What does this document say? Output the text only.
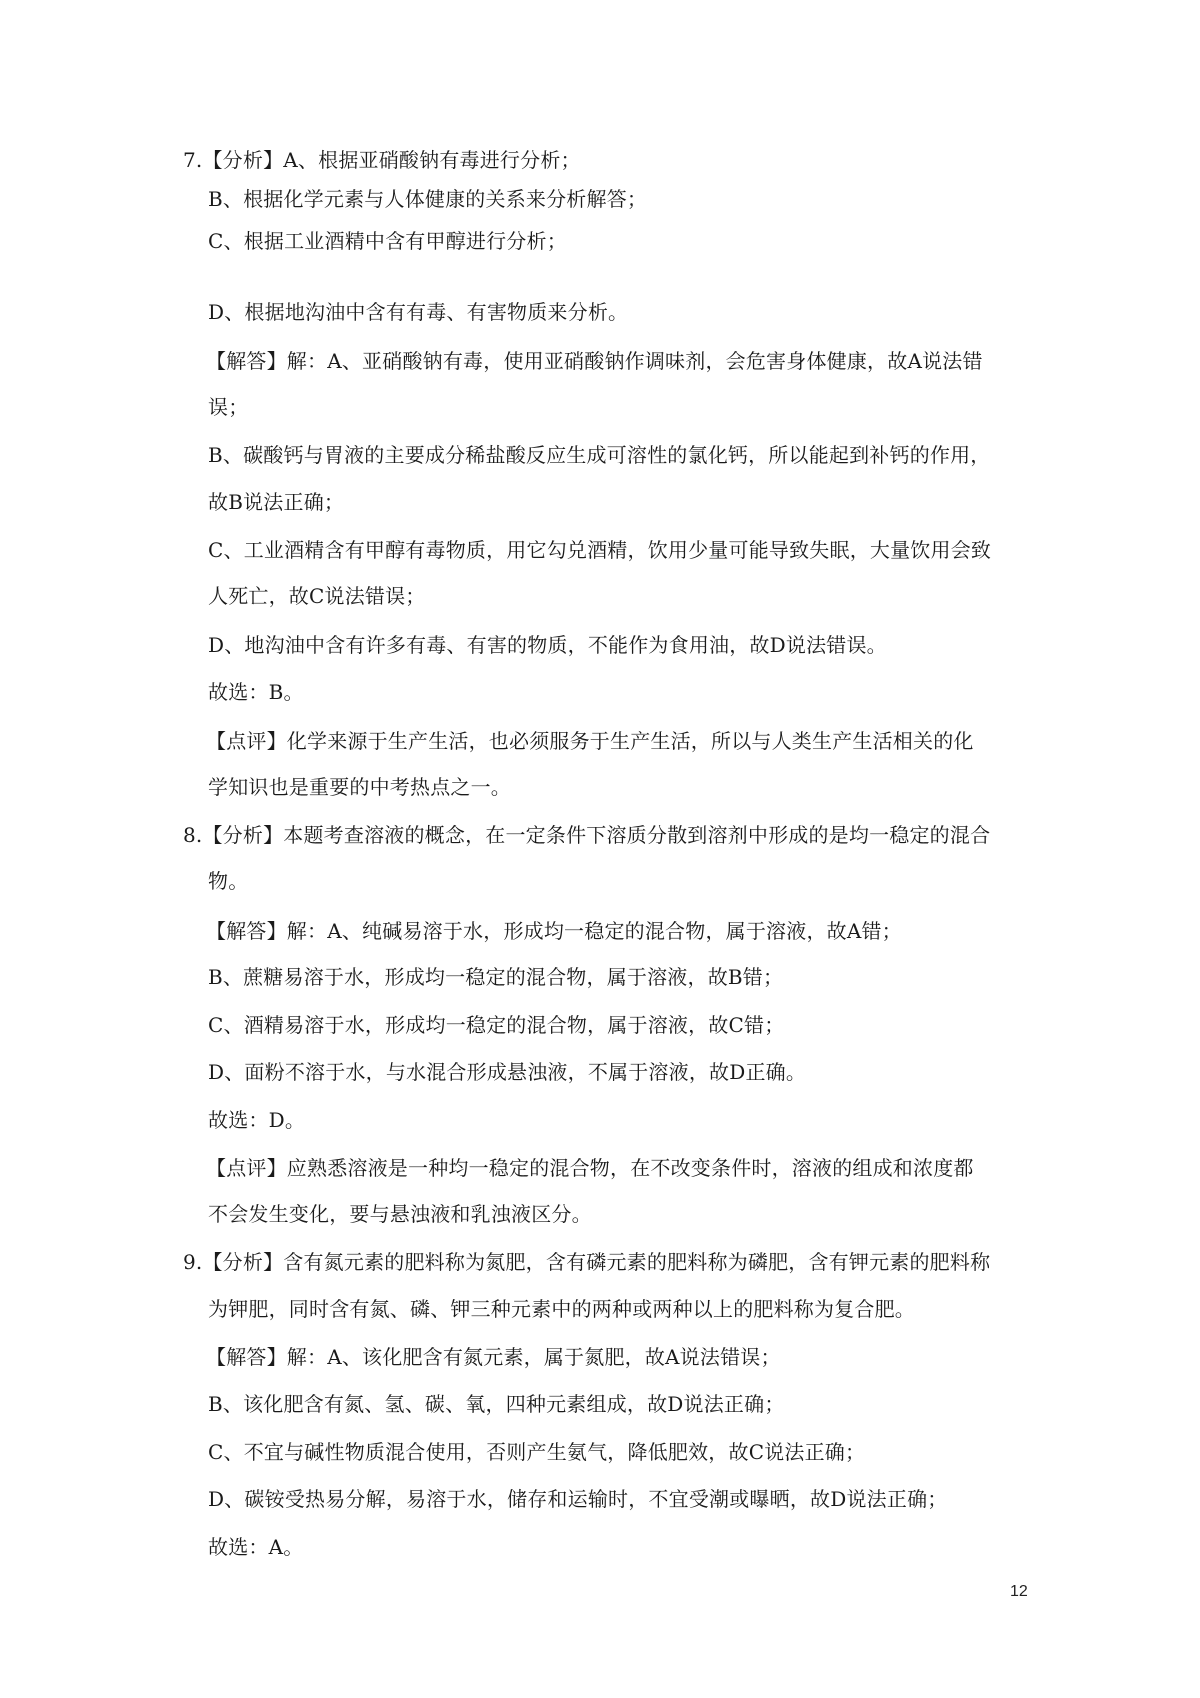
7.【分析】A、根据亚硝酸钠有毒进行分析；
B、根据化学元素与人体健康的关系来分析解答；
C、根据工业酒精中含有甲醇进行分析；
D、根据地沟油中含有有毒、有害物质来分析。
【解答】解：A、亚硝酸钠有毒，使用亚硝酸钠作调味剂，会危害身体健康，故A说法错
误；
B、碳酸钙与胃液的主要成分稀盐酸反应生成可溶性的氯化钙，所以能起到补钙的作用，
故B说法正确；
C、工业酒精含有甲醇有毒物质，用它勾兑酒精，饮用少量可能导致失眠，大量饮用会致
人死亡，故C说法错误；
D、地沟油中含有许多有毒、有害的物质，不能作为食用油，故D说法错误。
故选：B。
【点评】化学来源于生产生活，也必须服务于生产生活，所以与人类生产生活相关的化
学知识也是重要的中考热点之一。
8.【分析】本题考查溶液的概念，在一定条件下溶质分散到溶剂中形成的是均一稳定的混合
物。
【解答】解：A、纯碱易溶于水，形成均一稳定的混合物，属于溶液，故A错；
B、蔗糖易溶于水，形成均一稳定的混合物，属于溶液，故B错；
C、酒精易溶于水，形成均一稳定的混合物，属于溶液，故C错；
D、面粉不溶于水，与水混合形成悬浊液，不属于溶液，故D正确。
故选：D。
【点评】应熟悉溶液是一种均一稳定的混合物，在不改变条件时，溶液的组成和浓度都
不会发生变化，要与悬浊液和乳浊液区分。
9.【分析】含有氮元素的肥料称为氮肥，含有磷元素的肥料称为磷肥，含有钾元素的肥料称
为钾肥，同时含有氮、磷、钾三种元素中的两种或两种以上的肥料称为复合肥。
【解答】解：A、该化肥含有氮元素，属于氮肥，故A说法错误；
B、该化肥含有氮、氢、碳、氧，四种元素组成，故D说法正确；
C、不宜与碱性物质混合使用，否则产生氨气，降低肥效，故C说法正确；
D、碳铵受热易分解，易溶于水，储存和运输时，不宜受潮或曝晒，故D说法正确；
故选：A。
12
